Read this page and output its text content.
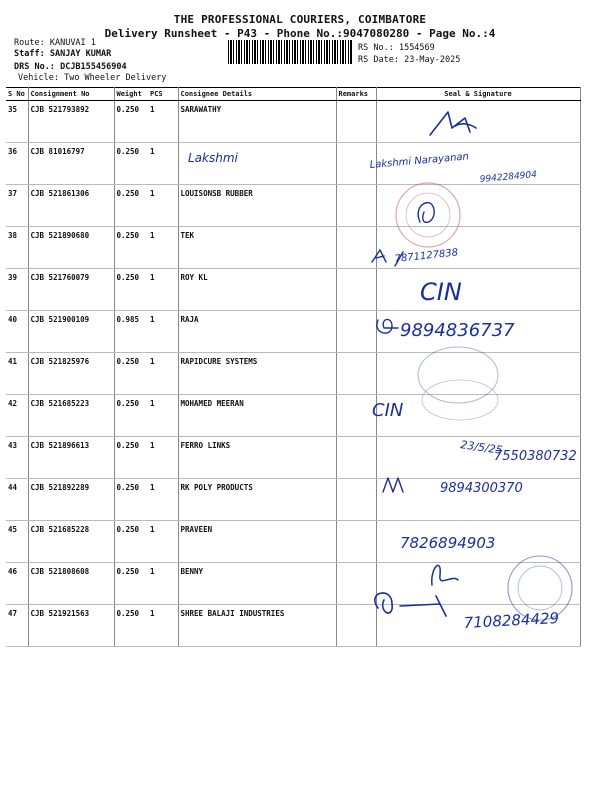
THE PROFESSIONAL COURIERS, COIMBATORE
Delivery Runsheet - P43 - Phone No.:9047080280 - Page No.:4
Route: KANUVAI 1
Staff: SANJAY KUMAR
DRS No.: DCJB155456904
Vehicle: Two Wheeler Delivery
RS No.: 1554569
RS Date: 23-May-2025
S No	Consignment No	Weight	PCS	Consignee Details	Remarks	Seal & Signature
35	CJB 521793892	0.250	1	SARAWATHY		
36	CJB 81016797	0.250	1			
37	CJB 521861306	0.250	1	LOUISONSB RUBBER		
38	CJB 521890680	0.250	1	TEK		
39	CJB 521760079	0.250	1	ROY KL		
40	CJB 521900109	0.985	1	RAJA		
41	CJB 521825976	0.250	1	RAPIDCURE SYSTEMS		
42	CJB 521685223	0.250	1	MOHAMED MEERAN		
43	CJB 521896613	0.250	1	FERRO LINKS		
44	CJB 521892289	0.250	1	RK POLY PRODUCTS		
45	CJB 521685228	0.250	1	PRAVEEN		
46	CJB 521808608	0.250	1	BENNY		
47	CJB 521921563	0.250	1	SHREE BALAJI INDUSTRIES		
Lakshmi	Lakshmi Narayanan
9942284904
7871127838
CIN
9894836737
CIN
23/5/25
7550380732
9894300370
7826894903
7108284429
